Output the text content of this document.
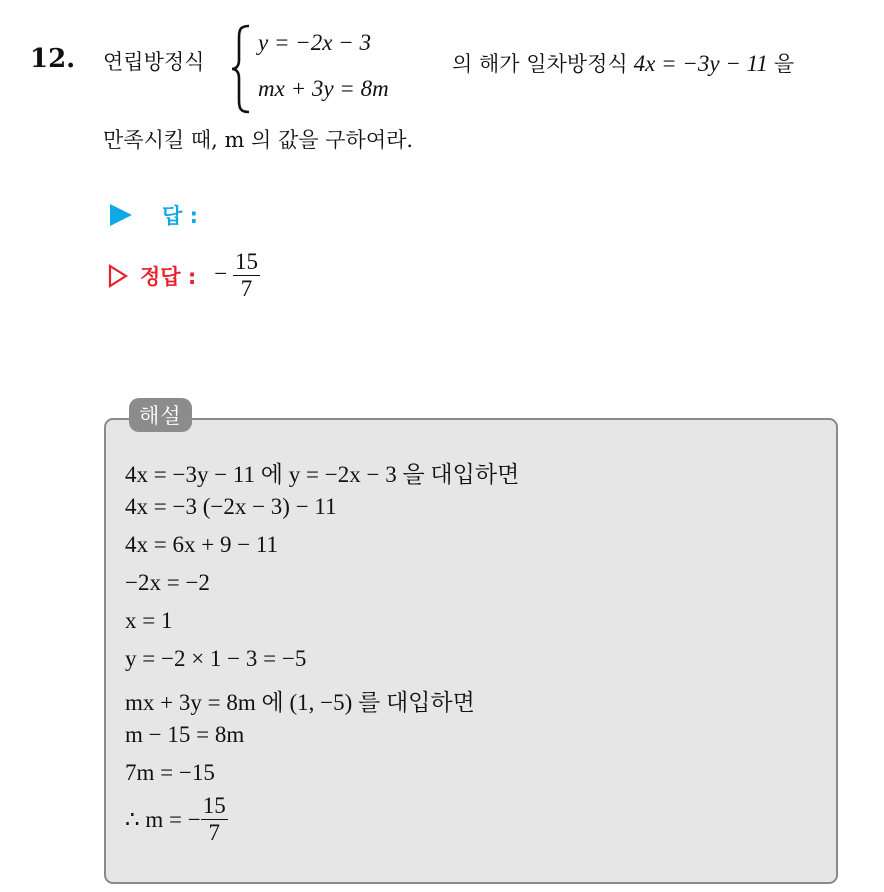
12. 연립방정식
y = −2x − 3
mx + 3y = 8m
의 해가 일차방정식 4x = −3y − 11 을
만족시킬 때, m 의 값을 구하여라.
답 :
정답 : − $\frac{15}{7}$
해설
4x = −3y − 11 에 y = −2x − 3 을 대입하면
4x = −3 (−2x − 3) − 11
4x = 6x + 9 − 11
−2x = −2
x = 1
y = −2 × 1 − 3 = −5
mx + 3y = 8m 에 (1, −5) 를 대입하면
m − 15 = 8m
7m = −15
∴ m = − $\frac{15}{7}$
